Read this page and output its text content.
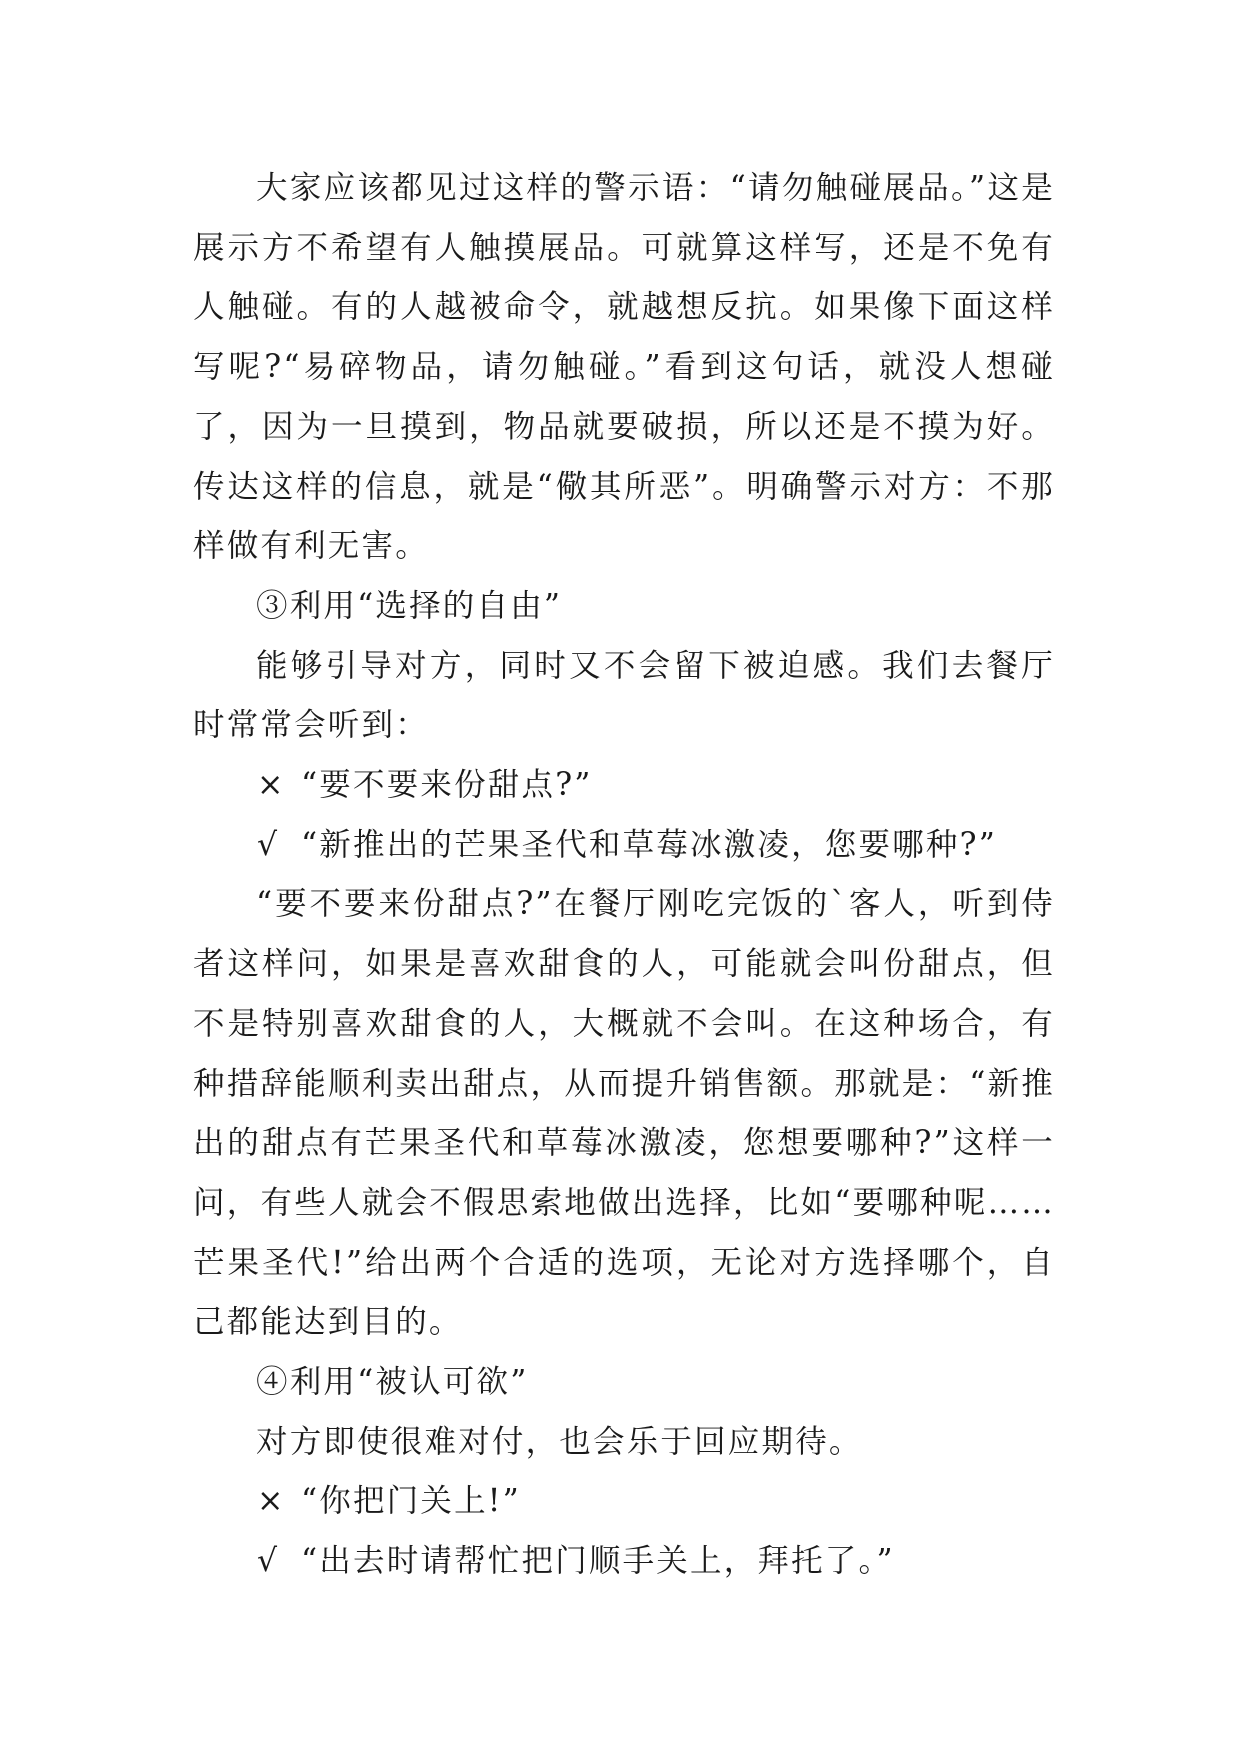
大家应该都见过这样的警示语：“请勿触碰展品。”这是展示方不希望有人触摸展品。可就算这样写，还是不免有人触碰。有的人越被命令，就越想反抗。如果像下面这样写呢?“易碎物品，请勿触碰。”看到这句话，就没人想碰了，因为一旦摸到，物品就要破损，所以还是不摸为好。传达这样的信息，就是“儆其所恶”。明确警示对方：不那样做有利无害。

③利用“选择的自由”

能够引导对方，同时又不会留下被迫感。我们去餐厅时常常会听到：

× “要不要来份甜点?”

√ “新推出的芒果圣代和草莓冰激凌，您要哪种?”

“要不要来份甜点?”在餐厅刚吃完饭的`客人，听到侍者这样问，如果是喜欢甜食的人，可能就会叫份甜点，但不是特别喜欢甜食的人，大概就不会叫。在这种场合，有种措辞能顺利卖出甜点，从而提升销售额。那就是：“新推出的甜点有芒果圣代和草莓冰激凌，您想要哪种?”这样一问，有些人就会不假思索地做出选择，比如“要哪种呢……芒果圣代!”给出两个合适的选项，无论对方选择哪个，自己都能达到目的。

④利用“被认可欲”

对方即使很难对付，也会乐于回应期待。

× “你把门关上!”

√ “出去时请帮忙把门顺手关上，拜托了。”
